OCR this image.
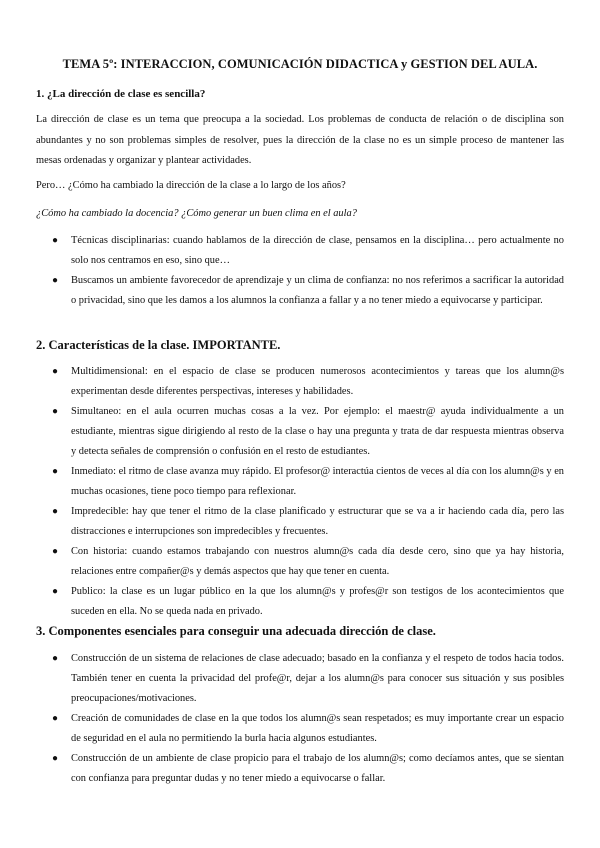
TEMA 5º: INTERACCION, COMUNICACIÓN DIDACTICA y GESTION DEL AULA.
1. ¿La dirección de clase es sencilla?
La dirección de clase es un tema que preocupa a la sociedad. Los problemas de conducta de relación o de disciplina son abundantes y no son problemas simples de resolver, pues la dirección de la clase no es un simple proceso de mantener las mesas ordenadas y organizar y plantear actividades.
Pero… ¿Cómo ha cambiado la dirección de la clase a lo largo de los años?
¿Cómo ha cambiado la docencia? ¿Cómo generar un buen clima en el aula?
● Técnicas disciplinarias: cuando hablamos de la dirección de clase, pensamos en la disciplina… pero actualmente no solo nos centramos en eso, sino que…
● Buscamos un ambiente favorecedor de aprendizaje y un clima de confianza: no nos referimos a sacrificar la autoridad o privacidad, sino que les damos a los alumnos la confianza a fallar y a no tener miedo a equivocarse y participar.
2. Características de la clase. IMPORTANTE.
● Multidimensional: en el espacio de clase se producen numerosos acontecimientos y tareas que los alumn@s experimentan desde diferentes perspectivas, intereses y habilidades.
● Simultaneo: en el aula ocurren muchas cosas a la vez. Por ejemplo: el maestr@ ayuda individualmente a un estudiante, mientras sigue dirigiendo al resto de la clase o hay una pregunta y trata de dar respuesta mientras observa y detecta señales de comprensión o confusión en el resto de estudiantes.
● Inmediato: el ritmo de clase avanza muy rápido. El profesor@ interactúa cientos de veces al día con los alumn@s y en muchas ocasiones, tiene poco tiempo para reflexionar.
● Impredecible: hay que tener el ritmo de la clase planificado y estructurar que se va a ir haciendo cada día, pero las distracciones e interrupciones son impredecibles y frecuentes.
● Con historia: cuando estamos trabajando con nuestros alumn@s cada día desde cero, sino que ya hay historia, relaciones entre compañer@s y demás aspectos que hay que tener en cuenta.
● Publico: la clase es un lugar público en la que los alumn@s y profes@r son testigos de los acontecimientos que suceden en ella. No se queda nada en privado.
3. Componentes esenciales para conseguir una adecuada dirección de clase.
● Construcción de un sistema de relaciones de clase adecuado; basado en la confianza y el respeto de todos hacia todos. También tener en cuenta la privacidad del profe@r, dejar a los alumn@s para conocer sus situación y sus posibles preocupaciones/motivaciones.
● Creación de comunidades de clase en la que todos los alumn@s sean respetados; es muy importante crear un espacio de seguridad en el aula no permitiendo la burla hacia algunos estudiantes.
● Construcción de un ambiente de clase propicio para el trabajo de los alumn@s; como decíamos antes, que se sientan con confianza para preguntar dudas y no tener miedo a equivocarse o fallar.
